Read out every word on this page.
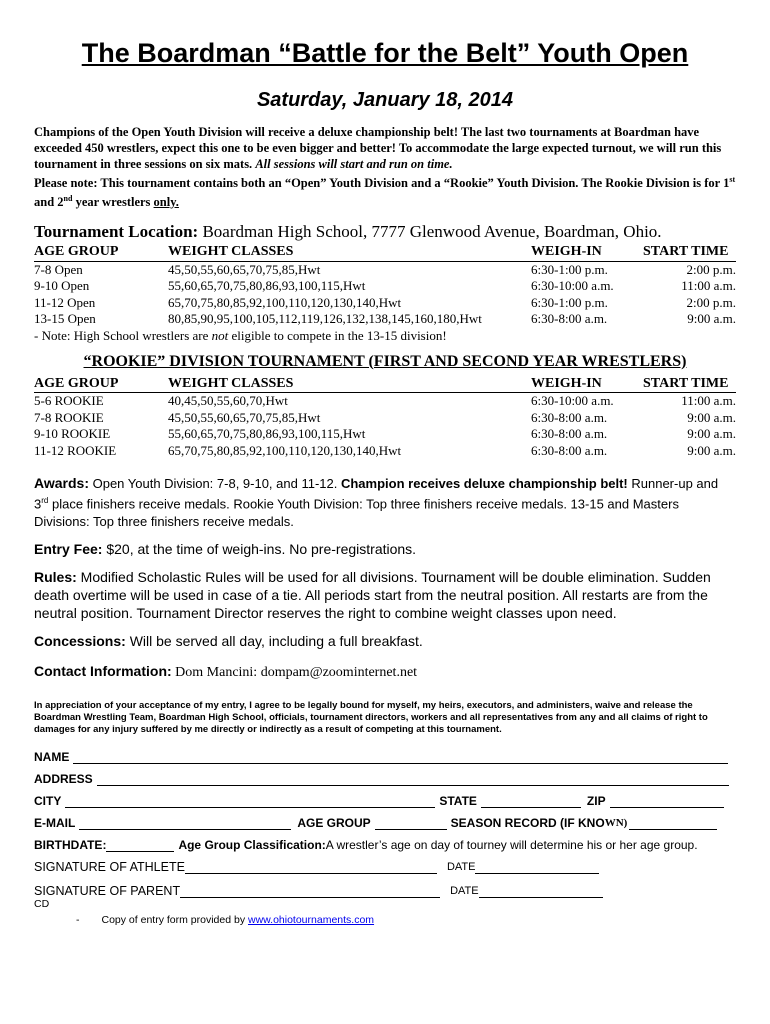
The Boardman “Battle for the Belt” Youth Open
Saturday, January 18, 2014

Champions of the Open Youth Division will receive a deluxe championship belt! The last two tournaments at Boardman have exceeded 450 wrestlers, expect this one to be even bigger and better! To accommodate the large expected turnout, we will run this tournament in three sessions on six mats. All sessions will start and run on time.
Please note: This tournament contains both an “Open” Youth Division and a “Rookie” Youth Division. The Rookie Division is for 1st and 2nd year wrestlers only.

Tournament Location: Boardman High School, 7777 Glenwood Avenue, Boardman, Ohio.
AGE GROUP	WEIGHT CLASSES	WEIGH-IN	START TIME
7-8 Open	45,50,55,60,65,70,75,85,Hwt	6:30-1:00 p.m.	2:00 p.m.
9-10 Open	55,60,65,70,75,80,86,93,100,115,Hwt	6:30-10:00 a.m.	11:00 a.m.
11-12 Open	65,70,75,80,85,92,100,110,120,130,140,Hwt	6:30-1:00 p.m.	2:00 p.m.
13-15 Open	80,85,90,95,100,105,112,119,126,132,138,145,160,180,Hwt	6:30-8:00 a.m.	9:00 a.m.
- Note: High School wrestlers are not eligible to compete in the 13-15 division!
“ROOKIE” DIVISION TOURNAMENT (FIRST AND SECOND YEAR WRESTLERS)
AGE GROUP	WEIGHT CLASSES	WEIGH-IN	START TIME
5-6 ROOKIE	40,45,50,55,60,70,Hwt	6:30-10:00 a.m.	11:00 a.m.
7-8 ROOKIE	45,50,55,60,65,70,75,85,Hwt	6:30-8:00 a.m.	9:00 a.m.
9-10 ROOKIE	55,60,65,70,75,80,86,93,100,115,Hwt	6:30-8:00 a.m.	9:00 a.m.
11-12 ROOKIE	65,70,75,80,85,92,100,110,120,130,140,Hwt	6:30-8:00 a.m.	9:00 a.m.

Awards: Open Youth Division: 7-8, 9-10, and 11-12. Champion receives deluxe championship belt! Runner-up and 3rd place finishers receive medals. Rookie Youth Division: Top three finishers receive medals. 13-15 and Masters Divisions: Top three finishers receive medals.

Entry Fee: $20, at the time of weigh-ins. No pre-registrations.

Rules: Modified Scholastic Rules will be used for all divisions. Tournament will be double elimination. Sudden death overtime will be used in case of a tie. All periods start from the neutral position. All restarts are from the neutral position. Tournament Director reserves the right to combine weight classes upon need.

Concessions: Will be served all day, including a full breakfast.

Contact Information: Dom Mancini: dompam@zoominternet.net

In appreciation of your acceptance of my entry, I agree to be legally bound for myself, my heirs, executors, and administers, waive and release the Boardman Wrestling Team, Boardman High School, officials, tournament directors, workers and all representatives from any and all claims of right to damages for any injury suffered by me directly or indirectly as a result of competing at this tournament.

NAME
ADDRESS
CITY	STATE	ZIP
E-MAIL	AGE GROUP	SEASON RECORD (IF KNO WN)
BIRTHDATE:	Age Group Classification: A wrestler’s age on day of tourney will determine his or her age group.
SIGNATURE OF ATHLETE	DATE
SIGNATURE OF PARENT	DATE
CD
- Copy of entry form provided by www.ohiotournaments.com
